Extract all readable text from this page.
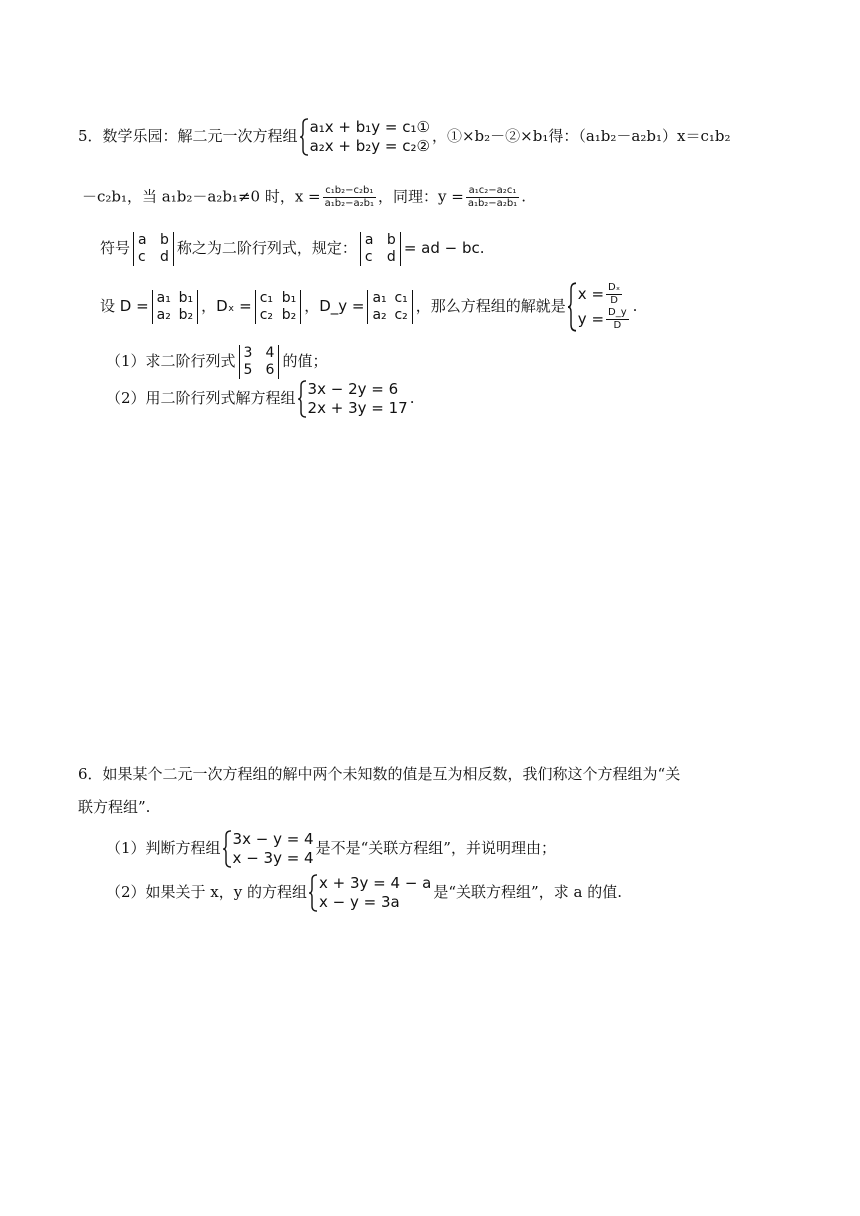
5．数学乐园：解二元一次方程组 a₁x + b₁y = c₁①
a₂x + b₂y = c₂②
，①×b₂－②×b₁得：（a₁b₂－a₂b₁）x＝c₁b₂
－c₂b₁，当 a₁b₂－a₂b₁≠0 时，$x = \frac{\text{c₁b₂−c₂b₁}}{\text{a₁b₂−a₂b₁}}$ ，同理：$y = \frac{\text{a₁c₂−a₂c₁}}{\text{a₁b₂−a₂b₁}}$ .
符号 a b
c d 称之为二阶行列式，规定： a b
c d = ad − bc.
设 D = a₁ b₁
a₂ b₂ ，Dₓ = c₁ b₁
c₂ b₂ ，D_y = a₁ c₁
a₂ c₂ ，那么方程组的解就是
$x = \frac{\text{Dₓ}}{D}$
$y = \frac{D\_y}{D}$
.
（1）求二阶行列式 3 4
5 6 的值；
（2）用二阶行列式解方程组 3x − 2y = 6
2x + 3y = 17
.
6．如果某个二元一次方程组的解中两个未知数的值是互为相反数，我们称这个方程组为“关
联方程组”.
（1）判断方程组 3x − y = 4
x − 3y = 4
是不是“关联方程组”，并说明理由；
（2）如果关于 x，y 的方程组 x + 3y = 4 − a
x − y = 3a
是“关联方程组”，求 a 的值.
